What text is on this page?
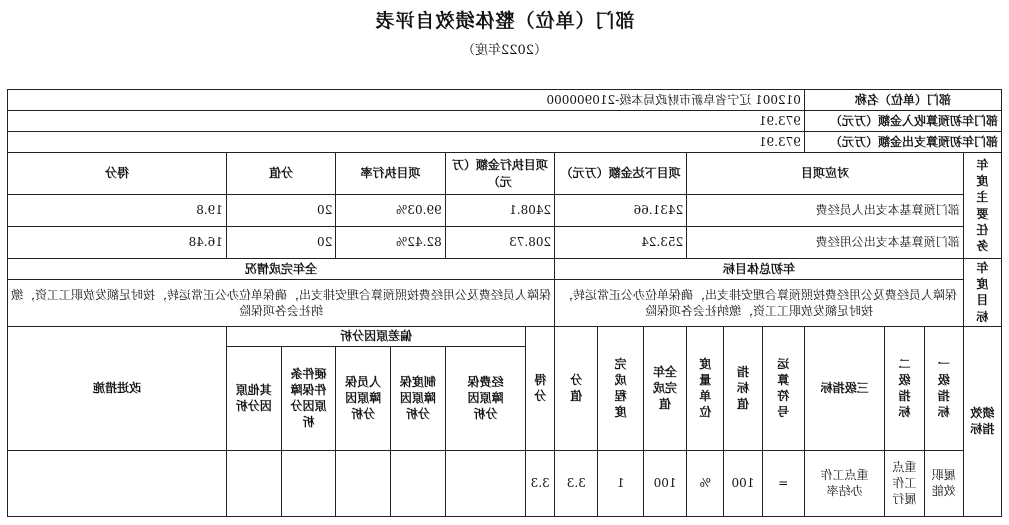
部门（单位）整体绩效自评表
（2022年度）
部门（单位）名称				012001 辽宁省阜新市财政局本级-210900000												
部门年初预算收入金额（万元）				973.91												
部门年初预算支出金额（万元）				973.91												

年度主要任务	对应项目						项目下达金额（万元）			项目执行金额（万元）		项目执行率		分值		得分
	部门预算基本支出人员经费						2431.66			2408.1		99.03%		20		19.8
	部门预算基本支出公用经费						253.24			208.73		82.42%		20		16.48

年度目标	年初总体目标									全年完成情况						
	保障人员经费及公用经费按照预算合理安排支出，确保单位办公正常运转，按时足额发放职工工资，缴纳社会各项保险									保障人员经费及公用经费按照预算合理安排支出，确保单位办公正常运转，按时足额发放职工工资，缴纳社会各项保险						
绩效指标	一级指标	二级指标	三级指标	运算符号	指标值	度量单位	全年完成值	完成程度	分值	得分	偏差原因分析					改进措施

											经费保障原因分析	制度保障原因分析	人员保障原因分析	硬件条件保障原因分析	其他原因分析	

	履职效能	重点工作履行	重点工作办结率	=	100	%	100	1	3.3	3.3						
